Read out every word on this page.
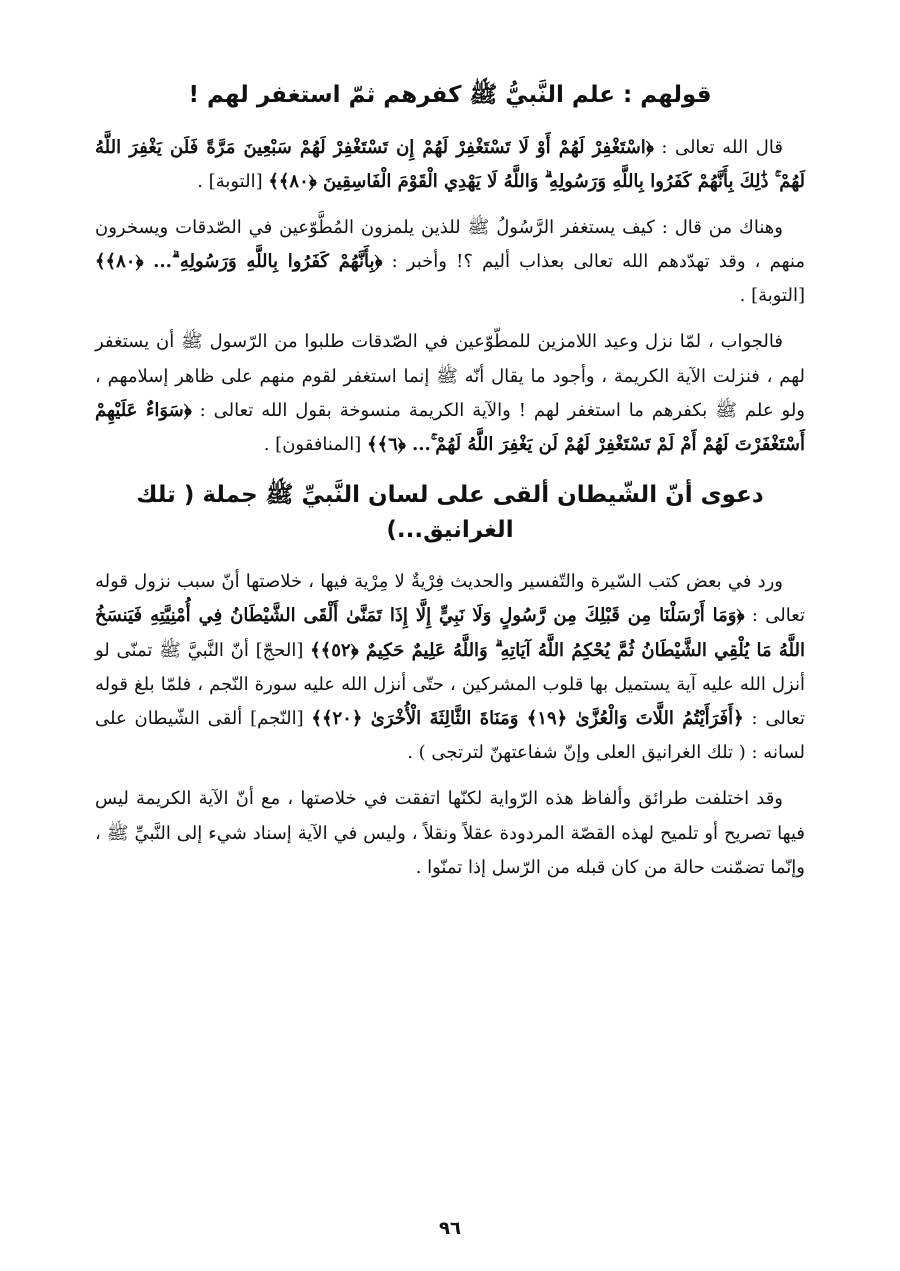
قولهم : علم النَّبيُّ ﷺ كفرهم ثمّ استغفر لهم !

قال الله تعالى : ﴿اسْتَغْفِرْ لَهُمْ أَوْ لَا تَسْتَغْفِرْ لَهُمْ إِن تَسْتَغْفِرْ لَهُمْ سَبْعِينَ مَرَّةً فَلَن يَغْفِرَ اللَّهُ لَهُمْ ۚ ذَٰلِكَ بِأَنَّهُمْ كَفَرُوا بِاللَّهِ وَرَسُولِهِ ۗ وَاللَّهُ لَا يَهْدِي الْقَوْمَ الْفَاسِقِينَ ﴿٨٠﴾﴾ [التوبة] .

وهناك من قال : كيف يستغفر الرَّسُولُ ﷺ للذين يلمزون المُطَّوّعين في الصّدقات ويسخرون منهم ، وقد تهدّدهم الله تعالى بعذاب أليم ؟! وأخبر : ﴿بِأَنَّهُمْ كَفَرُوا بِاللَّهِ وَرَسُولِهِ ۗ... ﴿٨٠﴾﴾ [التوبة] .

فالجواب ، لمّا نزل وعيد اللامزين للمطّوّعين في الصّدقات طلبوا من الرّسول ﷺ أن يستغفر لهم ، فنزلت الآية الكريمة ، وأجود ما يقال أنّه ﷺ إنما استغفر لقوم منهم على ظاهر إسلامهم ، ولو علم ﷺ بكفرهم ما استغفر لهم ! والآية الكريمة منسوخة بقول الله تعالى : ﴿سَوَاءٌ عَلَيْهِمْ أَسْتَغْفَرْتَ لَهُمْ أَمْ لَمْ تَسْتَغْفِرْ لَهُمْ لَن يَغْفِرَ اللَّهُ لَهُمْ ۚ... ﴿٦﴾﴾ [المنافقون] .

دعوى أنّ الشّيطان ألقى على لسان النَّبيِّ ﷺ جملة ( تلك الغرانيق...)

ورد في بعض كتب السّيرة والتّفسير والحديث فِرْيةٌ لا مِرْية فيها ، خلاصتها أنّ سبب نزول قوله تعالى : ﴿وَمَا أَرْسَلْنَا مِن قَبْلِكَ مِن رَّسُولٍ وَلَا نَبِيٍّ إِلَّا إِذَا تَمَنَّىٰ أَلْقَى الشَّيْطَانُ فِي أُمْنِيَّتِهِ فَيَنسَخُ اللَّهُ مَا يُلْقِي الشَّيْطَانُ ثُمَّ يُحْكِمُ اللَّهُ آيَاتِهِ ۗ وَاللَّهُ عَلِيمٌ حَكِيمٌ ﴿٥٢﴾﴾ [الحجّ] أنّ النَّبيَّ ﷺ تمنّى لو أنزل الله عليه آية يستميل بها قلوب المشركين ، حتّى أنزل الله عليه سورة النّجم ، فلمّا بلغ قوله تعالى : ﴿أَفَرَأَيْتُمُ اللَّاتَ وَالْعُزَّىٰ ﴿١٩﴾ وَمَنَاةَ الثَّالِثَةَ الْأُخْرَىٰ ﴿٢٠﴾﴾ [النّجم] ألقى الشّيطان على لسانه : ( تلك الغرانيق العلى وإنّ شفاعتهنّ لترتجى ) .

وقد اختلفت طرائق وألفاظ هذه الرّواية لكنّها اتفقت في خلاصتها ، مع أنّ الآية الكريمة ليس فيها تصريح أو تلميح لهذه القصّة المردودة عقلاً ونقلاً ، وليس في الآية إسناد شيء إلى النَّبيِّ ﷺ ، وإنّما تضمّنت حالة من كان قبله من الرّسل إذا تمنّوا .

٩٦
